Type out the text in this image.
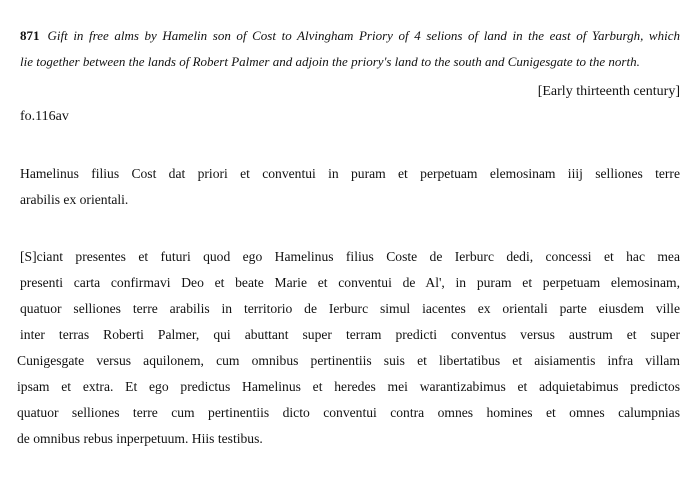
871 Gift in free alms by Hamelin son of Cost to Alvingham Priory of 4 selions of land in the east of Yarburgh, which
lie together between the lands of Robert Palmer and adjoin the priory's land to the south and Cunigesgate to the north.
[Early thirteenth century]
fo.116av

Hamelinus filius Cost dat priori et conventui in puram et perpetuam elemosinam iiij selliones terre
arabilis ex orientali.

[S]ciant presentes et futuri quod ego Hamelinus filius Coste de Ierburc dedi, concessi et hac mea
presenti carta confirmavi Deo et beate Marie et conventui de Al', in puram et perpetuam elemosinam,
quatuor selliones terre arabilis in territorio de Ierburc simul iacentes ex orientali parte eiusdem ville
inter terras Roberti Palmer, qui abuttant super terram predicti conventus versus austrum et super
Cunigesgate versus aquilonem, cum omnibus pertinentiis suis et libertatibus et aisiamentis infra villam
ipsam et extra. Et ego predictus Hamelinus et heredes mei warantizabimus et adquietabimus predictos
quatuor selliones terre cum pertinentiis dicto conventui contra omnes homines et omnes calumpnias
de omnibus rebus inperpetuum. Hiis testibus.
